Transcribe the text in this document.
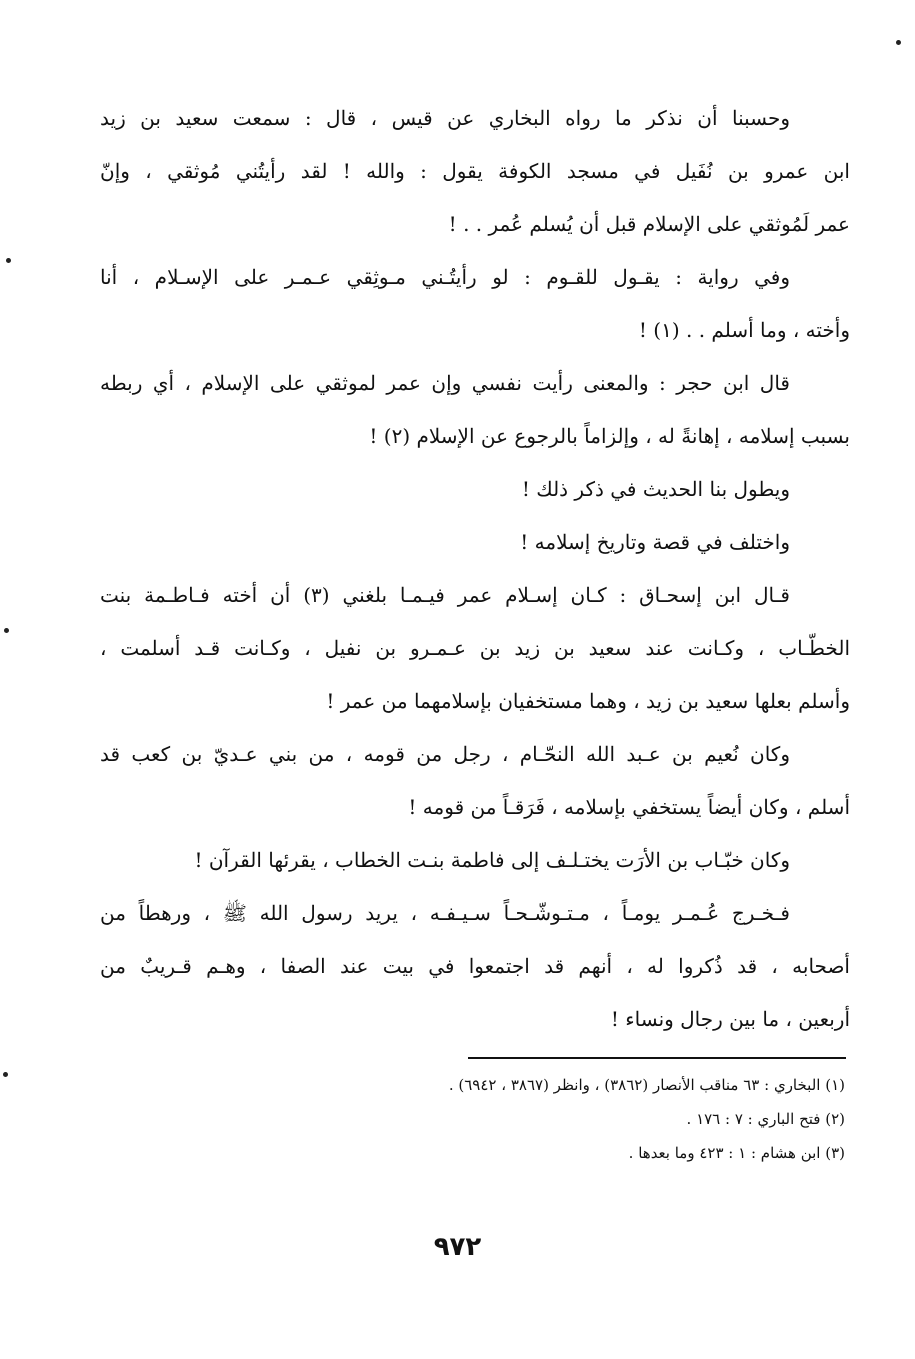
وحسبنا أن نذكر ما رواه البخاري عن قيس ، قال : سمعت سعيد بن زيد
ابن عمرو بن نُفَيل في مسجد الكوفة يقول : والله ! لقد رأيتُني مُوثقي ، وإنّ
عمر لَمُوثقي على الإسلام قبل أن يُسلم عُمر . . !
وفي رواية : يقـول للقـوم : لو رأيتُـني مـوثِقي عـمـر على الإسـلام ، أنا
وأخته ، وما أسلم . . (١) !
قال ابن حجر : والمعنى رأيت نفسي وإن عمر لموثقي على الإسلام ، أي ربطه
بسبب إسلامه ، إهانةً له ، وإلزاماً بالرجوع عن الإسلام (٢) !
ويطول بنا الحديث في ذكر ذلك !
واختلف في قصة وتاريخ إسلامه !
قـال ابن إسحـاق : كـان إسـلام عمر فيـمـا بلغني (٣) أن أخته فـاطـمة بنت
الخطّـاب ، وكـانت عند سعيد بن زيد بن عـمـرو بن نفيل ، وكـانت قـد أسلمت ،
وأسلم بعلها سعيد بن زيد ، وهما مستخفيان بإسلامهما من عمر !
وكان نُعيم بن عـبد الله النحّـام ، رجل من قومه ، من بني عـديّ بن كعب قد
أسلم ، وكان أيضاً يستخفي بإسلامه ، فَرَقـاً من قومه !
وكان خبّـاب بن الأرَت يختـلـف إلى فاطمة بنـت الخطاب ، يقرئها القرآن !
فـخـرج عُـمـر يومـاً ، مـتـوشّـحـاً سـيـفـه ، يريد رسول الله ﷺ ، ورهطاً من
أصحابه ، قد ذُكروا له ، أنهم قد اجتمعوا في بيت عند الصفا ، وهـم قـريبٌ من
أربعين ، ما بين رجال ونساء !
(١) البخاري : ٦٣ مناقب الأنصار (٣٨٦٢) ، وانظر (٣٨٦٧ ، ٦٩٤٢) .
(٢) فتح الباري : ٧ : ١٧٦ .
(٣) ابن هشام : ١ : ٤٢٣ وما بعدها .
٩٧٢
